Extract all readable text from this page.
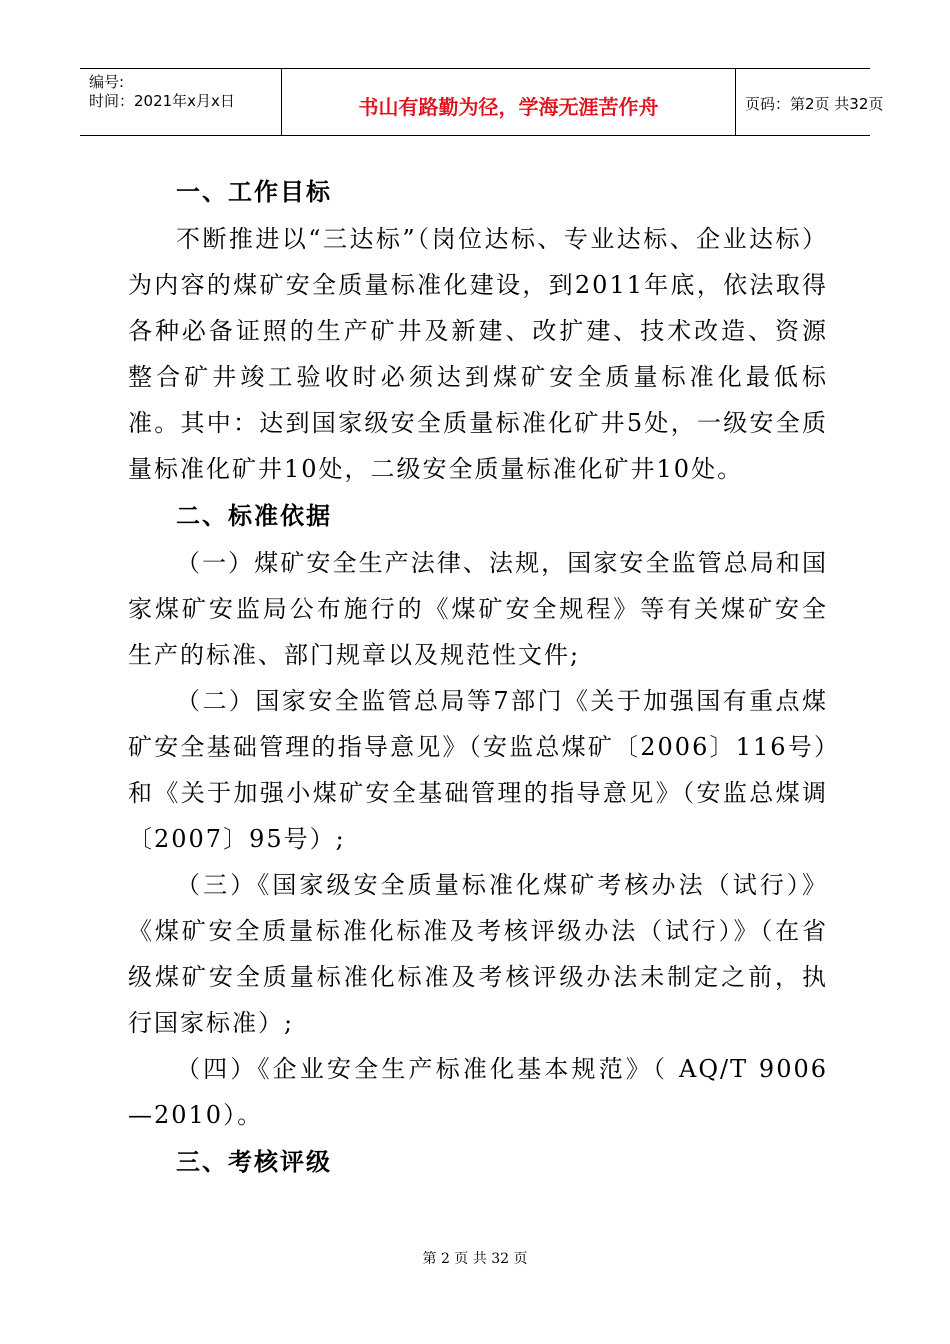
编号:
时间：2021年x月x日	书山有路勤为径，学海无涯苦作舟	页码：第2页 共32页
一、工作目标

不断推进以“三达标”（岗位达标、专业达标、企业达标）为内容的煤矿安全质量标准化建设，到2011年底，依法取得各种必备证照的生产矿井及新建、改扩建、技术改造、资源整合矿井竣工验收时必须达到煤矿安全质量标准化最低标准。其中：达到国家级安全质量标准化矿井5处，一级安全质量标准化矿井10处，二级安全质量标准化矿井10处。

二、标准依据

（一）煤矿安全生产法律、法规，国家安全监管总局和国家煤矿安监局公布施行的《煤矿安全规程》等有关煤矿安全生产的标准、部门规章以及规范性文件;

（二）国家安全监管总局等7部门《关于加强国有重点煤矿安全基础管理的指导意见》（安监总煤矿〔2006〕116号）和《关于加强小煤矿安全基础管理的指导意见》（安监总煤调〔2007〕95号）;

（三）《国家级安全质量标准化煤矿考核办法（试行）》《煤矿安全质量标准化标准及考核评级办法（试行）》（在省级煤矿安全质量标准化标准及考核评级办法未制定之前，执行国家标准）;

（四）《企业安全生产标准化基本规范》（ AQ/T 9006—2010）。

三、考核评级
第 2 页 共 32 页
